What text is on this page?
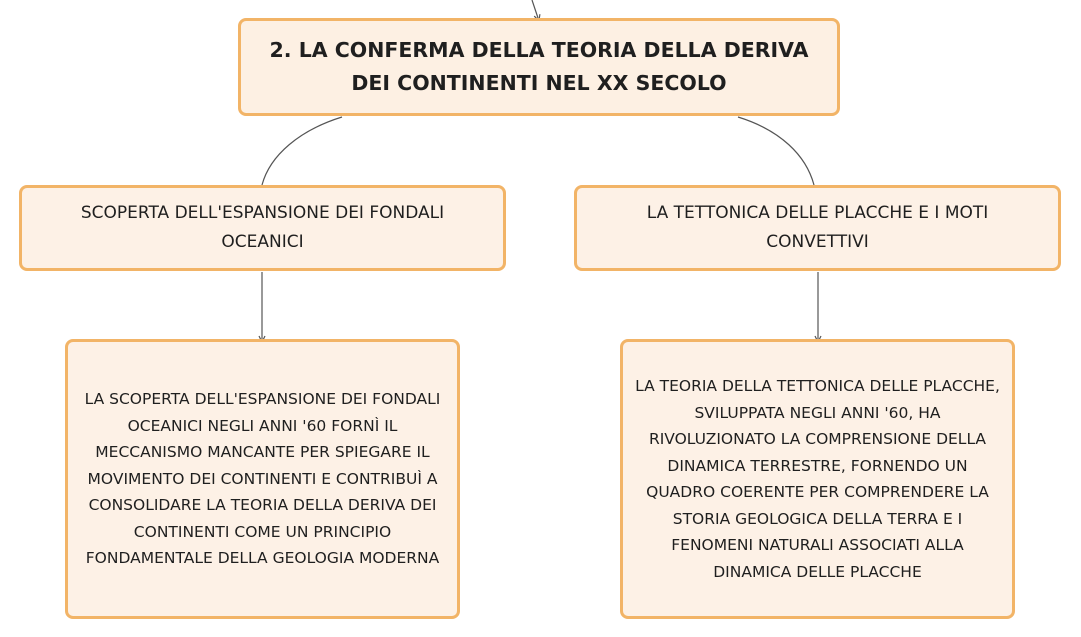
2. LA CONFERMA DELLA TEORIA DELLA DERIVA DEI CONTINENTI NEL XX SECOLO
SCOPERTA DELL'ESPANSIONE DEI FONDALI OCEANICI
LA TETTONICA DELLE PLACCHE E I MOTI CONVETTIVI
LA SCOPERTA DELL'ESPANSIONE DEI FONDALI OCEANICI NEGLI ANNI '60 FORNÌ IL MECCANISMO MANCANTE PER SPIEGARE IL MOVIMENTO DEI CONTINENTI E CONTRIBUÌ A CONSOLIDARE LA TEORIA DELLA DERIVA DEI CONTINENTI COME UN PRINCIPIO FONDAMENTALE DELLA GEOLOGIA MODERNA
LA TEORIA DELLA TETTONICA DELLE PLACCHE, SVILUPPATA NEGLI ANNI '60, HA RIVOLUZIONATO LA COMPRENSIONE DELLA DINAMICA TERRESTRE, FORNENDO UN QUADRO COERENTE PER COMPRENDERE LA STORIA GEOLOGICA DELLA TERRA E I FENOMENI NATURALI ASSOCIATI ALLA DINAMICA DELLE PLACCHE
